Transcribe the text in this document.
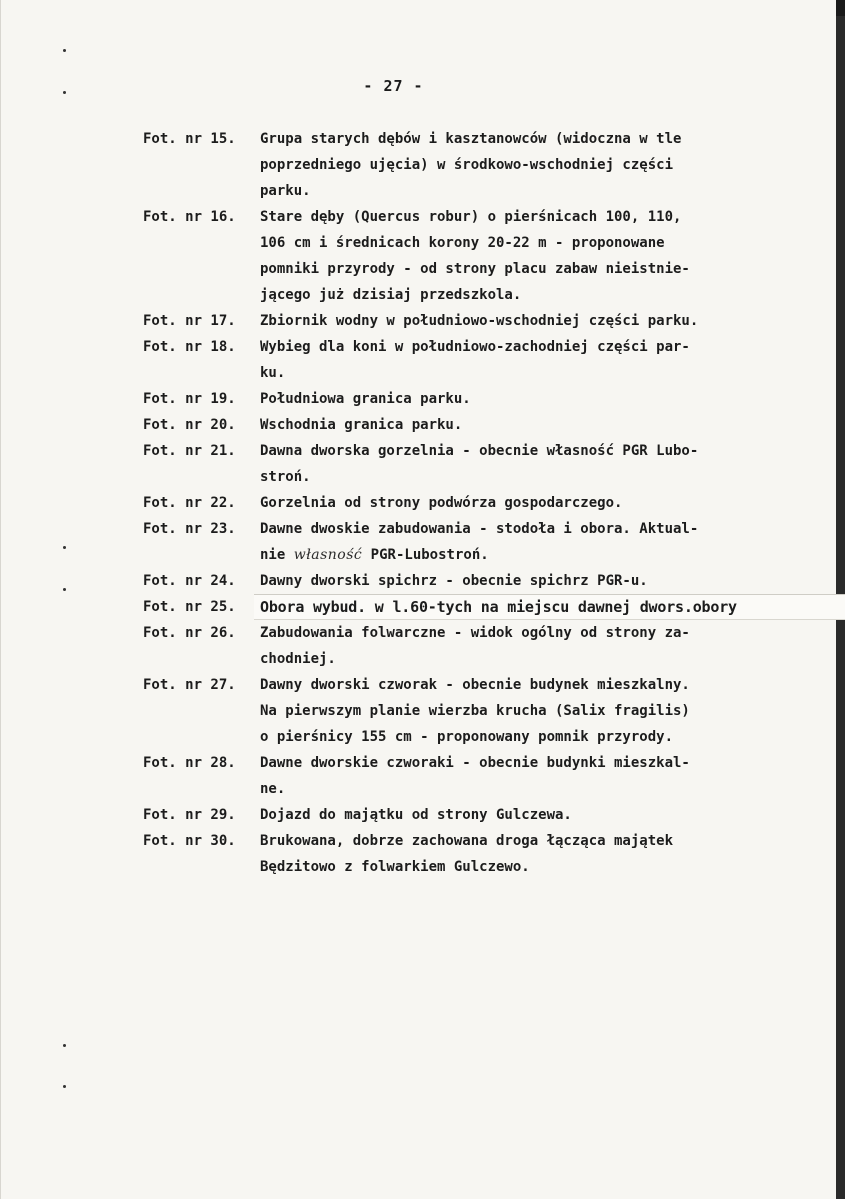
- 27 -
Fot. nr 15.	Grupa starych dębów i kasztanowców (widoczna w tle
poprzedniego ujęcia) w środkowo-wschodniej części
parku.
Fot. nr 16.	Stare dęby (Quercus robur) o pierśnicach 100, 110,
106 cm i średnicach korony 20-22 m - proponowane
pomniki przyrody - od strony placu zabaw nieistnie-
jącego już dzisiaj przedszkola.
Fot. nr 17.	Zbiornik wodny w południowo-wschodniej części parku.
Fot. nr 18.	Wybieg dla koni w południowo-zachodniej części par-
ku.
Fot. nr 19.	Południowa granica parku.
Fot. nr 20.	Wschodnia granica parku.
Fot. nr 21.	Dawna dworska gorzelnia - obecnie własność PGR Lubo-
stroń.
Fot. nr 22.	Gorzelnia od strony podwórza gospodarczego.
Fot. nr 23.	Dawne dwoskie zabudowania - stodoła i obora. Aktual-
nie własność PGR-Lubostroń.
Fot. nr 24.	Dawny dworski spichrz - obecnie spichrz PGR-u.
Fot. nr 25.	Obora wybud. w l.60-tych na miejscu dawnej dwors.obory
Fot. nr 26.	Zabudowania folwarczne - widok ogólny od strony za-
chodniej.
Fot. nr 27.	Dawny dworski czworak - obecnie budynek mieszkalny.
Na pierwszym planie wierzba krucha (Salix fragilis)
o pierśnicy 155 cm - proponowany pomnik przyrody.
Fot. nr 28.	Dawne dworskie czworaki - obecnie budynki mieszkal-
ne.
Fot. nr 29.	Dojazd do majątku od strony Gulczewa.
Fot. nr 30.	Brukowana, dobrze zachowana droga łącząca majątek
Będzitowo z folwarkiem Gulczewo.
